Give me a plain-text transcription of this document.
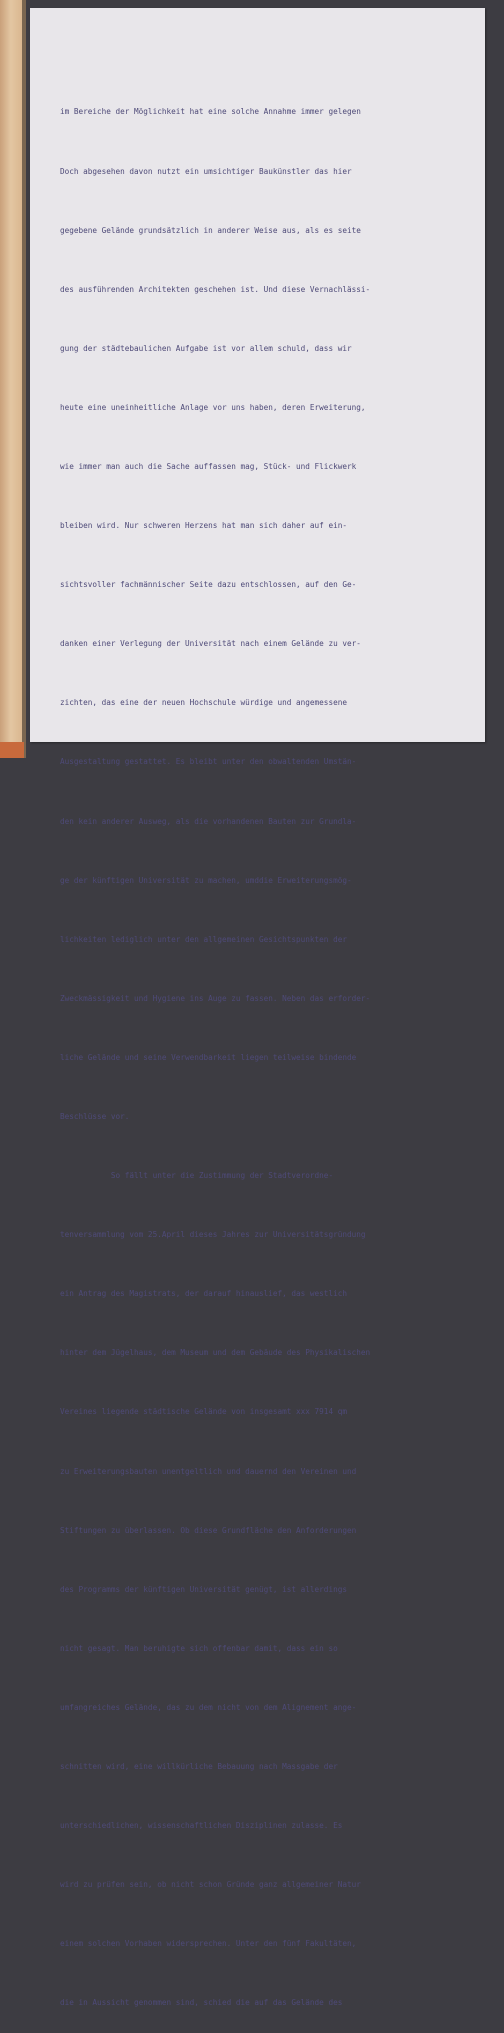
im Bereiche der Möglichkeit hat eine solche Annahme immer gelegen

Doch abgesehen davon nutzt ein umsichtiger Baukünstler das hier

gegebene Gelände grundsätzlich in anderer Weise aus, als es seite

des ausführenden Architekten geschehen ist. Und diese Vernachlässi-

gung der städtebaulichen Aufgabe ist vor allem schuld, dass wir

heute eine uneinheitliche Anlage vor uns haben, deren Erweiterung,

wie immer man auch die Sache auffassen mag, Stück- und Flickwerk

bleiben wird. Nur schweren Herzens hat man sich daher auf ein-

sichtsvoller fachmännischer Seite dazu entschlossen, auf den Ge-

danken einer Verlegung der Universität nach einem Gelände zu ver-

zichten, das eine der neuen Hochschule würdige und angemessene

Ausgestaltung gestattet. Es bleibt unter den obwaltenden Umstän-

den kein anderer Ausweg, als die vorhandenen Bauten zur Grundla-

ge der künftigen Universität zu machen, umddie Erweiterungsmög-

lichkeiten lediglich unter den allgemeinen Gesichtspunkten der

Zweckmässigkeit und Hygiene ins Auge zu fassen. Neben das erforder-

liche Gelände und seine Verwendbarkeit liegen teilweise bindende

Beschlüsse vor.

So fällt unter die Zustimmung der Stadtverordne-

tenversammlung vom 25.April dieses Jahres zur Universitätsgründung

ein Antrag des Magistrats, der darauf hinauslief, das westlich

hinter dem Jügelhaus, dem Museum und dem Gebäude des Physikalischen

Vereines liegende städtische Gelände von insgesamt xxx 7914 qm

zu Erweiterungsbauten unentgeltlich und dauernd den Vereinen und

Stiftungen zu überlassen. Ob diese Grundfläche den Anforderungen

des Programms der künftigen Universität genügt, ist allerdings

nicht gesagt. Man beruhigte sich offenbar damit, dass ein so

umfangreiches Gelände, das zu dem nicht von dem Alignement ange-

schnitten wird, eine willkürliche Bebauung nach Massgabe der

unterschiedlichen, wissenschaftlichen Disziplinen zulasse. Es

wird zu prüfen sein, ob nicht schon Gründe ganz allgemeiner Natur

einem solchen Vorhaben widersprechen. Unter den fünf Fakultäten,

die in Aussicht genommen sind, schied die auf das Gelände des
